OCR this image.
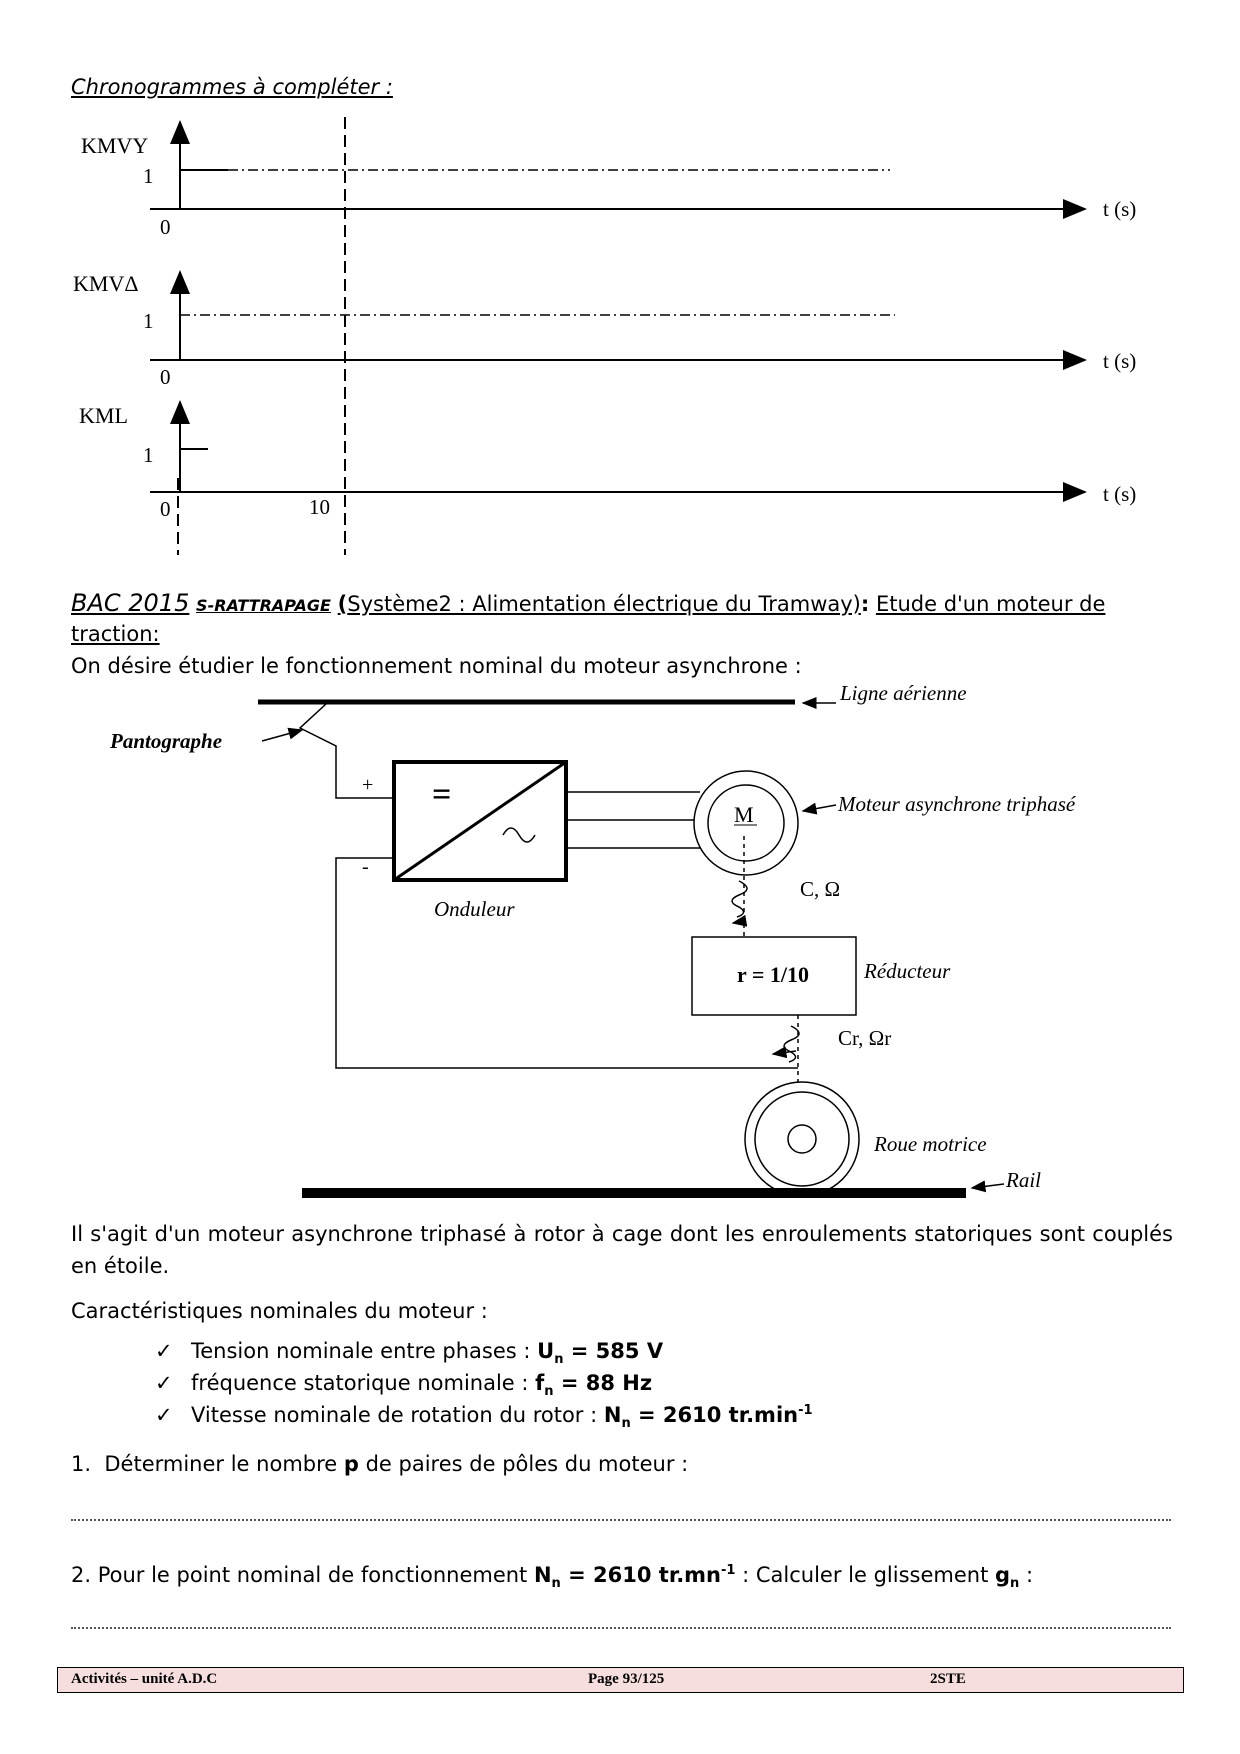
Chronogrammes à compléter :
KMVY
1
0
t (s)
KMVΔ
1
0
t (s)
KML
1
0	10
t (s)
BAC 2015 S-RATTRAPAGE (Système2 : Alimentation électrique du Tramway): Etude d'un moteur de
traction:
On désire étudier le fonctionnement nominal du moteur asynchrone :
Ligne aérienne
Pantographe
+
-
=
Onduleur
M	Moteur asynchrone triphasé
C, Ω
r = 1/10	Réducteur
Cr, Ωr
Roue motrice
Rail
Il s'agit d'un moteur asynchrone triphasé à rotor à cage dont les enroulements statoriques sont couplés en étoile.
Caractéristiques nominales du moteur :
✓ Tension nominale entre phases : $U_n = 585$ V
✓ fréquence statorique nominale : $f_n = 88$ Hz
✓ Vitesse nominale de rotation du rotor : $N_n = 2610$ $tr.\min^{-1}$
1.  Déterminer le nombre p de paires de pôles du moteur :
2. Pour le point nominal de fonctionnement $N_n = 2610$ $tr.mn^{-1}$ : Calculer le glissement $g_n$ :
Activités – unité A.D.C	Page 93/125	2STE
